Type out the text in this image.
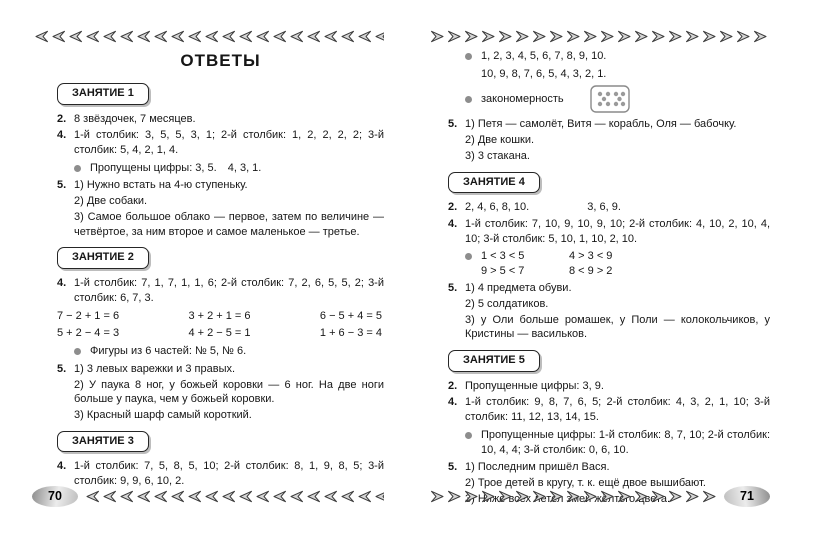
ОТВЕТЫ
ЗАНЯТИЕ 1
2. 8 звёздочек, 7 месяцев.
4. 1-й столбик: 3, 5, 5, 3, 1; 2-й столбик: 1, 2, 2, 2, 2; 3-й столбик: 5, 4, 2, 1, 4.
Пропущены цифры: 3, 5.  4, 3, 1.
5. 1) Нужно встать на 4-ю ступеньку.
2) Две собаки.
3) Самое большое облако — первое, затем по величине — четвёртое, за ним второе и самое маленькое — третье.
ЗАНЯТИЕ 2
4. 1-й столбик: 7, 1, 7, 1, 1, 6; 2-й столбик: 7, 2, 6, 5, 5, 2; 3-й столбик: 6, 7, 3.
7 − 2 + 1 = 6	3 + 2 + 1 = 6	6 − 5 + 4 = 5
5 + 2 − 4 = 3	4 + 2 − 5 = 1	1 + 6 − 3 = 4
Фигуры из 6 частей: № 5, № 6.
5. 1) 3 левых варежки и 3 правых.
2) У паука 8 ног, у божьей коровки — 6 ног. На две ноги больше у паука, чем у божьей коровки.
3) Красный шарф самый короткий.
ЗАНЯТИЕ 3
4. 1-й столбик: 7, 5, 8, 5, 10; 2-й столбик: 8, 1, 9, 8, 5; 3-й столбик: 9, 9, 6, 10, 2.
1, 2, 3, 4, 5, 6, 7, 8, 9, 10.
10, 9, 8, 7, 6, 5, 4, 3, 2, 1.
закономерность
5. 1) Петя — самолёт, Витя — корабль, Оля — бабочку.
2) Две кошки.
3) 3 стакана.
ЗАНЯТИЕ 4
2. 2, 4, 6, 8, 10.	3, 6, 9.
4. 1-й столбик: 7, 10, 9, 10, 9, 10; 2-й столбик: 4, 10, 2, 10, 4, 10; 3-й столбик: 5, 10, 1, 10, 2, 10.
1 < 3 < 5	4 > 3 < 9
9 > 5 < 7	8 < 9 > 2
5. 1) 4 предмета обуви.
2) 5 солдатиков.
3) у Оли больше ромашек, у Поли — колокольчиков, у Кристины — васильков.
ЗАНЯТИЕ 5
2. Пропущенные цифры: 3, 9.
4. 1-й столбик: 9, 8, 7, 6, 5; 2-й столбик: 4, 3, 2, 1, 10; 3-й столбик: 11, 12, 13, 14, 15.
Пропущенные цифры: 1-й столбик: 8, 7, 10; 2-й столбик: 10, 4, 4; 3-й столбик: 0, 6, 10.
5. 1) Последним пришёл Вася.
2) Трое детей в кругу, т. к. ещё двое вышибают.
70	71
